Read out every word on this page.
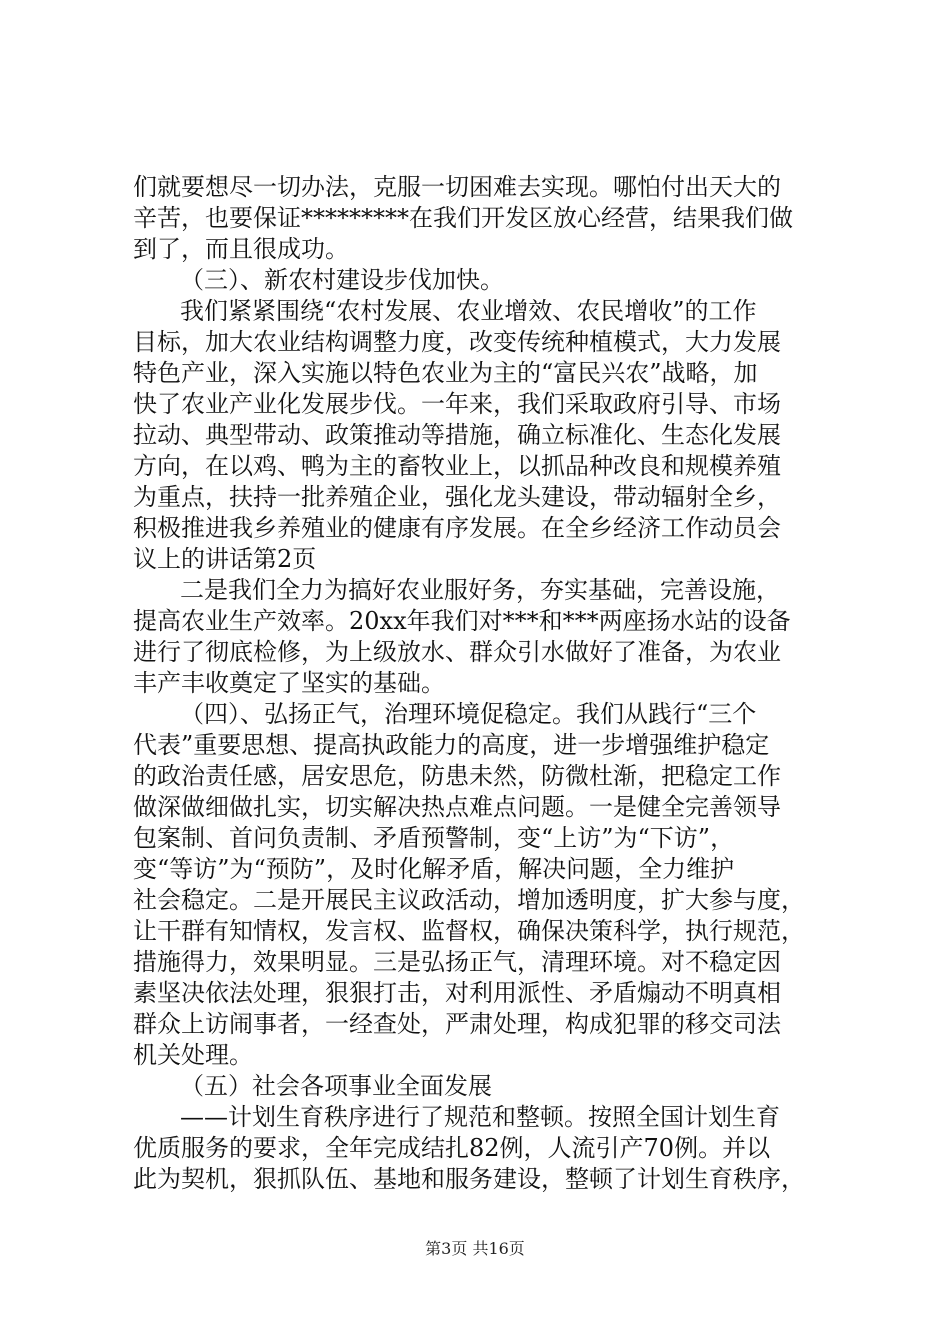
们就要想尽一切办法，克服一切困难去实现。哪怕付出天大的
辛苦，也要保证*********在我们开发区放心经营，结果我们做
到了，而且很成功。
（三）、新农村建设步伐加快。
我们紧紧围绕“农村发展、农业增效、农民增收”的工作
目标，加大农业结构调整力度，改变传统种植模式，大力发展
特色产业，深入实施以特色农业为主的“富民兴农”战略，加
快了农业产业化发展步伐。一年来，我们采取政府引导、市场
拉动、典型带动、政策推动等措施，确立标准化、生态化发展
方向，在以鸡、鸭为主的畜牧业上，以抓品种改良和规模养殖
为重点，扶持一批养殖企业，强化龙头建设，带动辐射全乡，
积极推进我乡养殖业的健康有序发展。在全乡经济工作动员会
议上的讲话第2页
二是我们全力为搞好农业服好务，夯实基础，完善设施，
提高农业生产效率。20xx年我们对***和***两座扬水站的设备
进行了彻底检修，为上级放水、群众引水做好了准备，为农业
丰产丰收奠定了坚实的基础。
（四）、弘扬正气，治理环境促稳定。我们从践行“三个
代表”重要思想、提高执政能力的高度，进一步增强维护稳定
的政治责任感，居安思危，防患未然，防微杜渐，把稳定工作
做深做细做扎实，切实解决热点难点问题。一是健全完善领导
包案制、首问负责制、矛盾预警制，变“上访”为“下访”，
变“等访”为“预防”，及时化解矛盾，解决问题，全力维护
社会稳定。二是开展民主议政活动，增加透明度，扩大参与度，
让干群有知情权，发言权、监督权，确保决策科学，执行规范，
措施得力，效果明显。三是弘扬正气，清理环境。对不稳定因
素坚决依法处理，狠狠打击，对利用派性、矛盾煽动不明真相
群众上访闹事者，一经查处，严肃处理，构成犯罪的移交司法
机关处理。
（五）社会各项事业全面发展
——计划生育秩序进行了规范和整顿。按照全国计划生育
优质服务的要求，全年完成结扎82例，人流引产70例。并以
此为契机，狠抓队伍、基地和服务建设，整顿了计划生育秩序，
第3页 共16页
